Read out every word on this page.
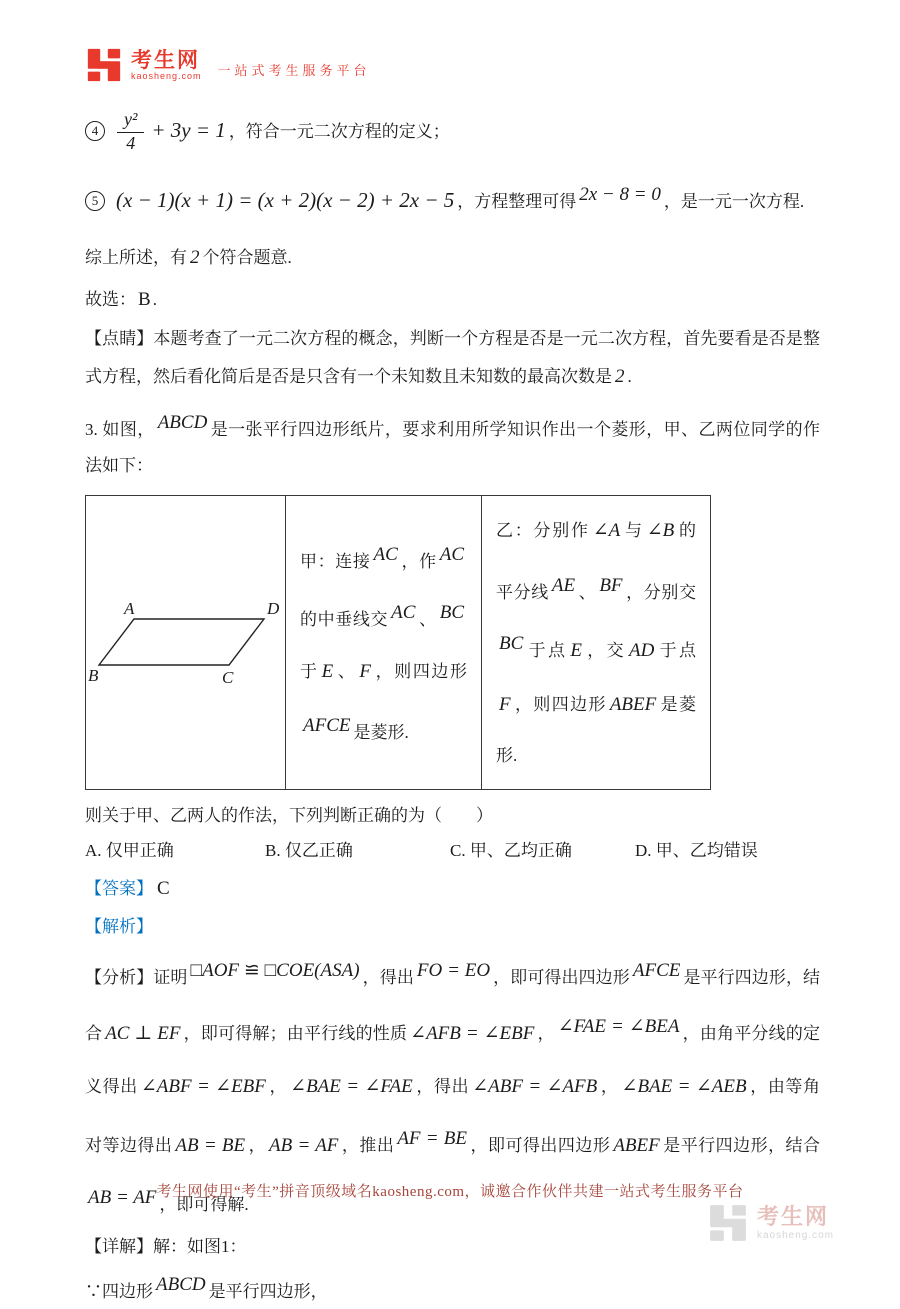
考生网
kaosheng.com 一站式考生服务平台

$4 \frac{\text{y²}}{4} + 3y = 1$ ，符合一元二次方程的定义；

5 (x − 1)(x + 1) = (x + 2)(x − 2) + 2x − 5 ，方程整理可得 2x − 8 = 0 ，是一元一次方程.

综上所述，有 2 个符合题意.

故选： B .

【点睛】本题考查了一元二次方程的概念，判断一个方程是否是一元二次方程，首先要看是否是整式方程，然后看化简后是否是只含有一个未知数且未知数的最高次数是 2 .

3. 如图， ABCD 是一张平行四边形纸片，要求利用所学知识作出一个菱形，甲、乙两位同学的作法如下：

A	D
B	C
	甲：连接 AC ，作 AC的中垂线交 AC 、 BC于 E 、 F ，则四边形AFCE 是菱形.	乙：分别作 ∠A 与 ∠B 的平分线 AE 、 BF ，分别交BC 于点 E ，交 AD 于点F ，则四边形 ABEF 是菱形.

则关于甲、乙两人的作法，下列判断正确的为（　　）

A. 仅甲正确	B. 仅乙正确	C. 甲、乙均正确	D. 甲、乙均错误

【答案】 C

【解析】

【分析】证明 □AOF ≌ □COE(ASA) ，得出 FO = EO ，即可得出四边形 AFCE 是平行四边形，结合 AC ⊥ EF ，即可得解；由平行线的性质 ∠AFB = ∠EBF ， ∠FAE = ∠BEA ，由角平分线的定义得出 ∠ABF = ∠EBF ， ∠BAE = ∠FAE ，得出 ∠ABF = ∠AFB ， ∠BAE = ∠AEB ，由等角对等边得出 AB = BE ， AB = AF ，推出 AF = BE ，即可得出四边形 ABEF 是平行四边形，结合AB = AF ，即可得解.

【详解】解：如图1：

∵四边形 ABCD 是平行四边形，

考生网使用“考生”拼音顶级域名kaosheng.com，诚邀合作伙伴共建一站式考生服务平台
考生网
kaosheng.com
